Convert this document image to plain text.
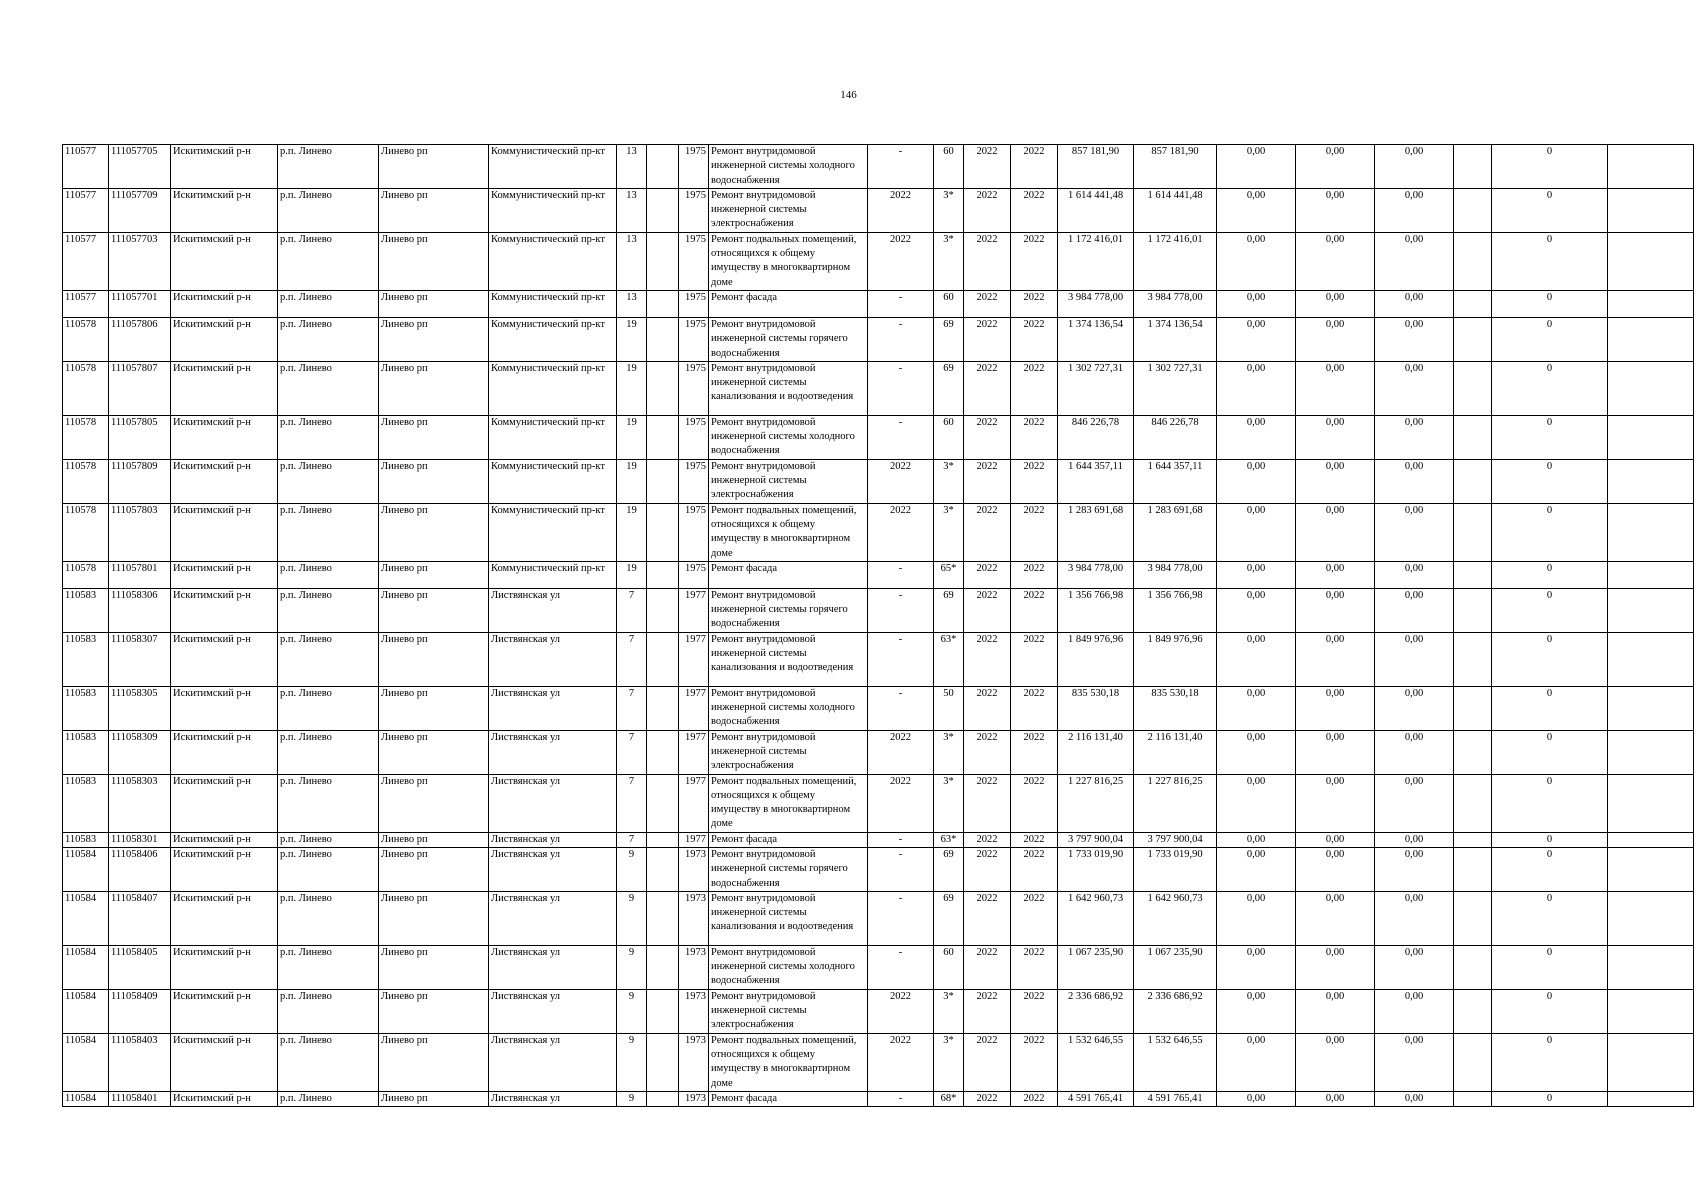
146
110577	111057705	Искитимский р-н	р.п. Линево	Линево рп	Коммунистический пр-кт	13		1975	Ремонт внутридомовой инженерной системы холодного водоснабжения	-	60	2022	2022	857 181,90	857 181,90	0,00	0,00	0,00		0	
110577	111057709	Искитимский р-н	р.п. Линево	Линево рп	Коммунистический пр-кт	13		1975	Ремонт внутридомовой инженерной системы электроснабжения	2022	3*	2022	2022	1 614 441,48	1 614 441,48	0,00	0,00	0,00		0	
110577	111057703	Искитимский р-н	р.п. Линево	Линево рп	Коммунистический пр-кт	13		1975	Ремонт подвальных помещений, относящихся к общему имуществу в многоквартирном доме	2022	3*	2022	2022	1 172 416,01	1 172 416,01	0,00	0,00	0,00		0	
110577	111057701	Искитимский р-н	р.п. Линево	Линево рп	Коммунистический пр-кт	13		1975	Ремонт фасада	-	60	2022	2022	3 984 778,00	3 984 778,00	0,00	0,00	0,00		0	
110578	111057806	Искитимский р-н	р.п. Линево	Линево рп	Коммунистический пр-кт	19		1975	Ремонт внутридомовой инженерной системы горячего водоснабжения	-	69	2022	2022	1 374 136,54	1 374 136,54	0,00	0,00	0,00		0	
110578	111057807	Искитимский р-н	р.п. Линево	Линево рп	Коммунистический пр-кт	19		1975	Ремонт внутридомовой инженерной системы канализования и водоотведения	-	69	2022	2022	1 302 727,31	1 302 727,31	0,00	0,00	0,00		0	
110578	111057805	Искитимский р-н	р.п. Линево	Линево рп	Коммунистический пр-кт	19		1975	Ремонт внутридомовой инженерной системы холодного водоснабжения	-	60	2022	2022	846 226,78	846 226,78	0,00	0,00	0,00		0	
110578	111057809	Искитимский р-н	р.п. Линево	Линево рп	Коммунистический пр-кт	19		1975	Ремонт внутридомовой инженерной системы электроснабжения	2022	3*	2022	2022	1 644 357,11	1 644 357,11	0,00	0,00	0,00		0	
110578	111057803	Искитимский р-н	р.п. Линево	Линево рп	Коммунистический пр-кт	19		1975	Ремонт подвальных помещений, относящихся к общему имуществу в многоквартирном доме	2022	3*	2022	2022	1 283 691,68	1 283 691,68	0,00	0,00	0,00		0	
110578	111057801	Искитимский р-н	р.п. Линево	Линево рп	Коммунистический пр-кт	19		1975	Ремонт фасада	-	65*	2022	2022	3 984 778,00	3 984 778,00	0,00	0,00	0,00		0	
110583	111058306	Искитимский р-н	р.п. Линево	Линево рп	Листвянская ул	7		1977	Ремонт внутридомовой инженерной системы горячего водоснабжения	-	69	2022	2022	1 356 766,98	1 356 766,98	0,00	0,00	0,00		0	
110583	111058307	Искитимский р-н	р.п. Линево	Линево рп	Листвянская ул	7		1977	Ремонт внутридомовой инженерной системы канализования и водоотведения	-	63*	2022	2022	1 849 976,96	1 849 976,96	0,00	0,00	0,00		0	
110583	111058305	Искитимский р-н	р.п. Линево	Линево рп	Листвянская ул	7		1977	Ремонт внутридомовой инженерной системы холодного водоснабжения	-	50	2022	2022	835 530,18	835 530,18	0,00	0,00	0,00		0	
110583	111058309	Искитимский р-н	р.п. Линево	Линево рп	Листвянская ул	7		1977	Ремонт внутридомовой инженерной системы электроснабжения	2022	3*	2022	2022	2 116 131,40	2 116 131,40	0,00	0,00	0,00		0	
110583	111058303	Искитимский р-н	р.п. Линево	Линево рп	Листвянская ул	7		1977	Ремонт подвальных помещений, относящихся к общему имуществу в многоквартирном доме	2022	3*	2022	2022	1 227 816,25	1 227 816,25	0,00	0,00	0,00		0	
110583	111058301	Искитимский р-н	р.п. Линево	Линево рп	Листвянская ул	7		1977	Ремонт фасада	-	63*	2022	2022	3 797 900,04	3 797 900,04	0,00	0,00	0,00		0	
110584	111058406	Искитимский р-н	р.п. Линево	Линево рп	Листвянская ул	9		1973	Ремонт внутридомовой инженерной системы горячего водоснабжения	-	69	2022	2022	1 733 019,90	1 733 019,90	0,00	0,00	0,00		0	
110584	111058407	Искитимский р-н	р.п. Линево	Линево рп	Листвянская ул	9		1973	Ремонт внутридомовой инженерной системы канализования и водоотведения	-	69	2022	2022	1 642 960,73	1 642 960,73	0,00	0,00	0,00		0	
110584	111058405	Искитимский р-н	р.п. Линево	Линево рп	Листвянская ул	9		1973	Ремонт внутридомовой инженерной системы холодного водоснабжения	-	60	2022	2022	1 067 235,90	1 067 235,90	0,00	0,00	0,00		0	
110584	111058409	Искитимский р-н	р.п. Линево	Линево рп	Листвянская ул	9		1973	Ремонт внутридомовой инженерной системы электроснабжения	2022	3*	2022	2022	2 336 686,92	2 336 686,92	0,00	0,00	0,00		0	
110584	111058403	Искитимский р-н	р.п. Линево	Линево рп	Листвянская ул	9		1973	Ремонт подвальных помещений, относящихся к общему имуществу в многоквартирном доме	2022	3*	2022	2022	1 532 646,55	1 532 646,55	0,00	0,00	0,00		0	
110584	111058401	Искитимский р-н	р.п. Линево	Линево рп	Листвянская ул	9		1973	Ремонт фасада	-	68*	2022	2022	4 591 765,41	4 591 765,41	0,00	0,00	0,00		0	
